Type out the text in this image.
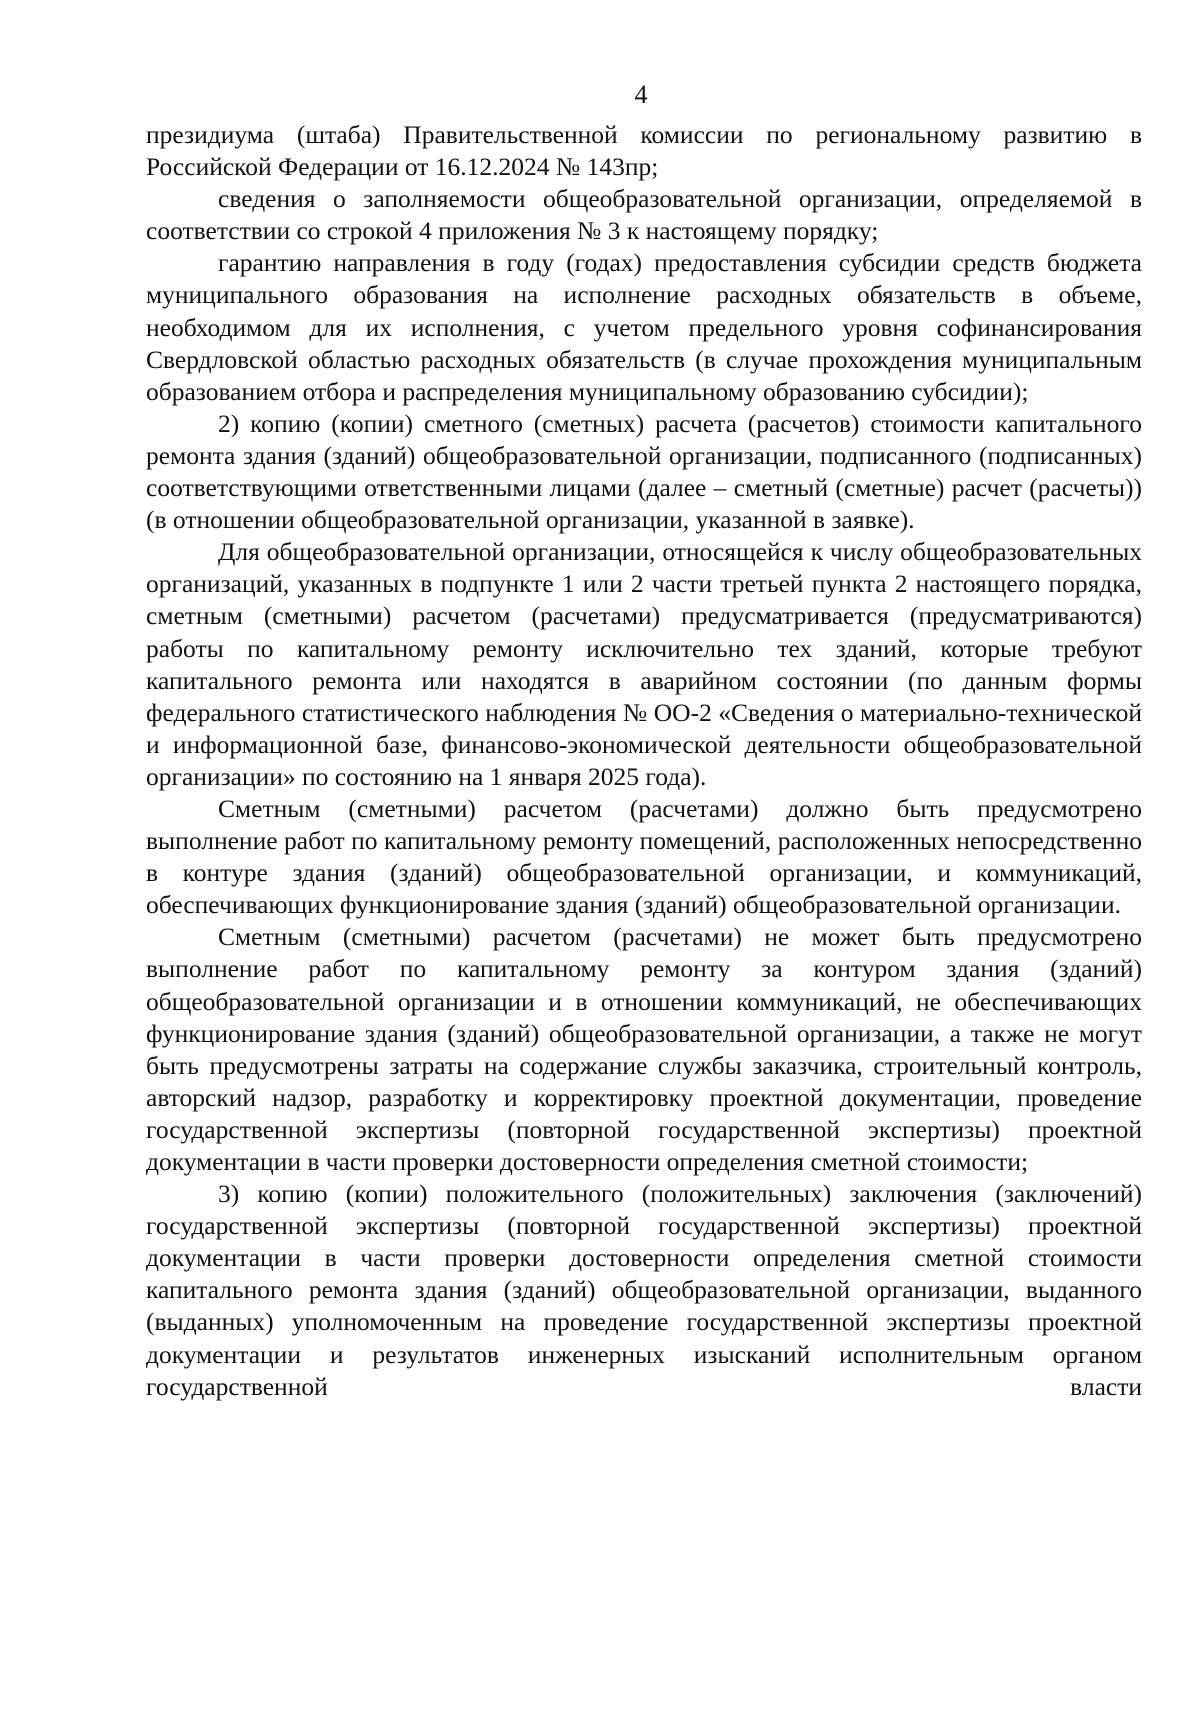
4

президиума (штаба) Правительственной комиссии по региональному развитию в Российской Федерации от 16.12.2024 № 143пр;

сведения о заполняемости общеобразовательной организации, определяемой в соответствии со строкой 4 приложения № 3 к настоящему порядку;

гарантию направления в году (годах) предоставления субсидии средств бюджета муниципального образования на исполнение расходных обязательств в объеме, необходимом для их исполнения, с учетом предельного уровня софинансирования Свердловской областью расходных обязательств (в случае прохождения муниципальным образованием отбора и распределения муниципальному образованию субсидии);

2) копию (копии) сметного (сметных) расчета (расчетов) стоимости капитального ремонта здания (зданий) общеобразовательной организации, подписанного (подписанных) соответствующими ответственными лицами (далее – сметный (сметные) расчет (расчеты)) (в отношении общеобразовательной организации, указанной в заявке).

Для общеобразовательной организации, относящейся к числу общеобразовательных организаций, указанных в подпункте 1 или 2 части третьей пункта 2 настоящего порядка, сметным (сметными) расчетом (расчетами) предусматривается (предусматриваются) работы по капитальному ремонту исключительно тех зданий, которые требуют капитального ремонта или находятся в аварийном состоянии (по данным формы федерального статистического наблюдения № ОО-2 «Сведения о материально-технической и информационной базе, финансово-экономической деятельности общеобразовательной организации» по состоянию на 1 января 2025 года).

Сметным (сметными) расчетом (расчетами) должно быть предусмотрено выполнение работ по капитальному ремонту помещений, расположенных непосредственно в контуре здания (зданий) общеобразовательной организации, и коммуникаций, обеспечивающих функционирование здания (зданий) общеобразовательной организации.

Сметным (сметными) расчетом (расчетами) не может быть предусмотрено выполнение работ по капитальному ремонту за контуром здания (зданий) общеобразовательной организации и в отношении коммуникаций, не обеспечивающих функционирование здания (зданий) общеобразовательной организации, а также не могут быть предусмотрены затраты на содержание службы заказчика, строительный контроль, авторский надзор, разработку и корректировку проектной документации, проведение государственной экспертизы (повторной государственной экспертизы) проектной документации в части проверки достоверности определения сметной стоимости;

3) копию (копии) положительного (положительных) заключения (заключений) государственной экспертизы (повторной государственной экспертизы) проектной документации в части проверки достоверности определения сметной стоимости капитального ремонта здания (зданий) общеобразовательной организации, выданного (выданных) уполномоченным на проведение государственной экспертизы проектной документации и результатов инженерных изысканий исполнительным органом государственной власти
